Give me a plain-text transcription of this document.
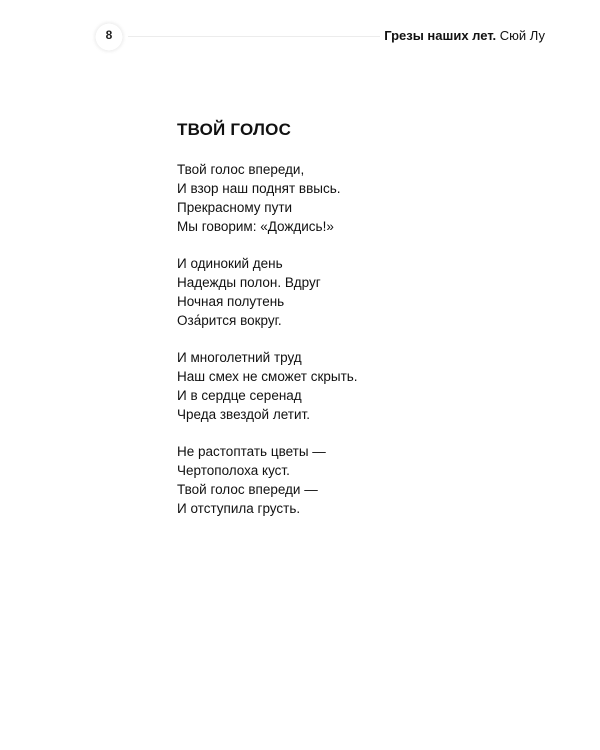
8	Грезы наших лет. Сюй Лу
ТВОЙ ГОЛОС
Твой голос впереди,
И взор наш поднят ввысь.
Прекрасному пути
Мы говорим: «Дождись!»
И одинокий день
Надежды полон. Вдруг
Ночная полутень
Оза́рится вокруг.
И многолетний труд
Наш смех не сможет скрыть.
И в сердце серенад
Чреда звездой летит.
Не растоптать цветы —
Чертополоха куст.
Твой голос впереди —
И отступила грусть.
